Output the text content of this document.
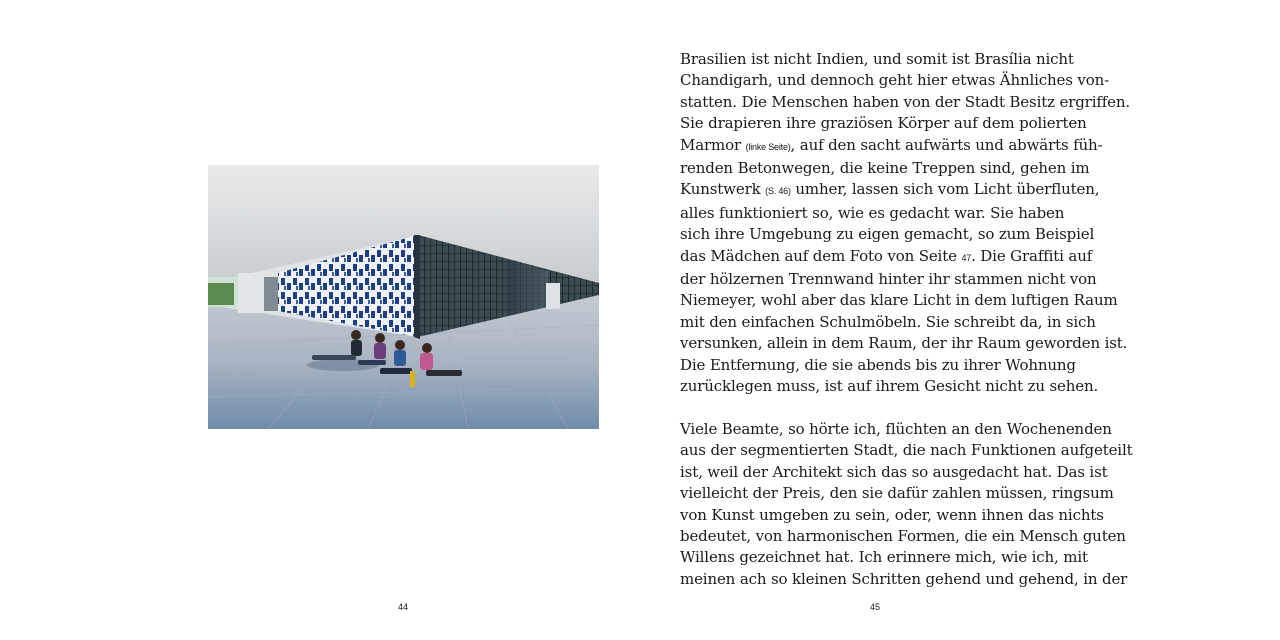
44
Brasilien ist nicht Indien, und somit ist Brasília nicht
Chandigarh, und dennoch geht hier etwas Ähnliches von-
statten. Die Menschen haben von der Stadt Besitz ergriffen.
Sie drapieren ihre graziösen Körper auf dem polierten
Marmor (linke Seite), auf den sacht aufwärts und abwärts füh-
renden Betonwegen, die keine Treppen sind, gehen im
Kunstwerk (S. 46) umher, lassen sich vom Licht überfluten,
alles funktioniert so, wie es gedacht war. Sie haben
sich ihre Umgebung zu eigen gemacht, so zum Beispiel
das Mädchen auf dem Foto von Seite 47. Die Graffiti auf
der hölzernen Trennwand hinter ihr stammen nicht von
Niemeyer, wohl aber das klare Licht in dem luftigen Raum
mit den einfachen Schulmöbeln. Sie schreibt da, in sich
versunken, allein in dem Raum, der ihr Raum geworden ist.
Die Entfernung, die sie abends bis zu ihrer Wohnung
zurücklegen muss, ist auf ihrem Gesicht nicht zu sehen.
Viele Beamte, so hörte ich, flüchten an den Wochenenden
aus der segmentierten Stadt, die nach Funktionen aufgeteilt
ist, weil der Architekt sich das so ausgedacht hat. Das ist
vielleicht der Preis, den sie dafür zahlen müssen, ringsum
von Kunst umgeben zu sein, oder, wenn ihnen das nichts
bedeutet, von harmonischen Formen, die ein Mensch guten
Willens gezeichnet hat. Ich erinnere mich, wie ich, mit
meinen ach so kleinen Schritten gehend und gehend, in der
45
